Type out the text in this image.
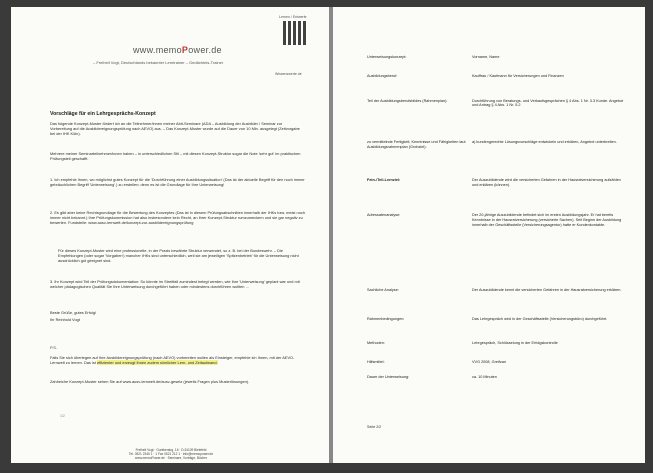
Lernen / Entwerfe
Wissenswerte.de
www.memoPower.de
– Freiheit Vogt, Deutschlands bekannter Lerntrainer – Gedächtnis-Trainer
Vorschläge für ein Lehrgesprächs-Konzept
Das folgende Konzept-Muster fördert ich an die Teilnehmer/innen meiner Abit-Seminare (ADA – Ausbildung der Ausbilder / Seminar zur Vorbereitung auf die Ausbildereignungsprüfung nach AEVO) aus. – Das Konzept-Muster wurde auf die Dauer von 10 Min. ausgelegt (Zeitvorgabe bei der IHK Köln).
Mehrere meiner Seminarteilnehmer/innen haben – in unterschiedlichen Stil – mit diesen Konzept-Struktur sogar die Note 'sehr gut' im praktischen Prüfungsteil geschafft.
1. Ich empfehle Ihnen, wo möglichst gutes Konzept für die 'Durchführung einer Ausbildungssituation' (Das ist der aktuelle Begriff für den noch immer gebräuchlichen Begriff 'Unterweisung'.) zu erstellen; denn es ist die Grundlage für Ihre Unterweisung!
2. Es gibt aber keine Rechtsgrundlage für die Bewertung des Konzeptes (Das ist in diesem Prüfungsabschnitten innerhalb der IHKs bzw. meist noch immer nicht bekannt.) Ihre Prüfungskommission hat also insbesondere kein Recht, an Ihrer Konzept-Struktur rumzumeckern und sie gar negativ zu bewerten. Fundstelle: www.ausv-lernwelt.de/konzept-zur-ausbildereignungsprüfung
Für dieses Konzept-Muster wird eine professionelle, in der Praxis bewährte Struktur verwendet, so z. B. bei der Bundeswehr. – Die Empfehlungen (oder sogar 'Vorgaben') mancher IHKs sind unterschiedlich, weil sie am jeweiligen 'Spitzenbetrieb' für die Unterweisung nicht ausdrücklich gut geeignet sind.
3. Ihr Konzept wird Teil der Prüfungsdokumentation: So könnte im Streitfall zumindest belegt werden, wie Ihre 'Unterweisung' geplant war und mit welcher pädagogischen Qualität Sie Ihre Unterweisung durchgeführt haben oder mindestens durchführen wollten …
Beste Grüße, gutes Erfolg!
Ihr Reinhold Vogt
P.S.
Falls Sie sich überlegen auf Ihre Ausbildereignungsprüfung (nach AEVO) vorbereiten wollen als Einsteiger, empfehle ich Ihnen, mit der AEVO-Lernwelt zu lernen. Das ist effizienter und erzeugt Ihnen zudem sinnlicher Lern- und Zeitaufwand.
Zahlreiche Konzept-Muster sehen Sie auf www.ausv-lernwelt.de/ausv-gesetz (jeweils Fragen plus Musterlösungen).
1/2
Freiheit Vogt · Guntberstrg. 16 · D-51109 Bielefeld
Tel. 0521 2345 1 · 1 Fax 0521 212 1 · info@memopower.de
www.memoPower.de · Seminare, Vorträge, Bücher
Unterweisungskonzept:	Vorname, Name
Ausbildungsberuf:	Kauffrau / Kaufmann für Versicherungen und Finanzen
Teil der Ausbildungsberufsbildes (Rahmenplan):	Durchführung von Beratungs- und Verkaufsgesprächen § 4 Abs. 1 Nr. 3.3 Kunde. Angebot und Antrag § 4 Abs. 1 Nr. 5.2
zu vermittelnde Fertigkeit, Kenntnisse und Fähigkeiten laut Ausbildungsrahmenplan (Grobziel):	a) kundengerechte Lösungsvorschläge entwickeln und erklären, Angebot unterbreiten.
Fein-/Teil-Lernziel:	Der Auszubildende wird die versicherten Gefahren in der Hausratversicherung aufzählen und erklären (können).
Adressatenanalyse:	Der 20-jährige Auszubildende befindet sich im ersten Ausbildungsjahr. Er hat bereits Kenntnisse in der Hausratversicherung (versicherte Sachen). Seit Beginn der Ausbildung innerhalb der Geschäftsstelle (Versicherungsagentur) hatte er Kundenkontakte.
Sachliche Analyse:	Der Auszubildende kennt die versicherten Gefahren in der Hausratversicherung erklären.
Rahmenbedingungen:	Das Lehrgespräch wird in der Geschäftsstelle (Versicherungsbüro) durchgeführt.
Methoden:	Lehrgespräch, Schlüsselung in der Erfolgskontrolle
Hilfsmittel:	VVG 2008, Greifzan
Dauer der Unterweisung:	ca. 10 Minuten
Seite 2/2
